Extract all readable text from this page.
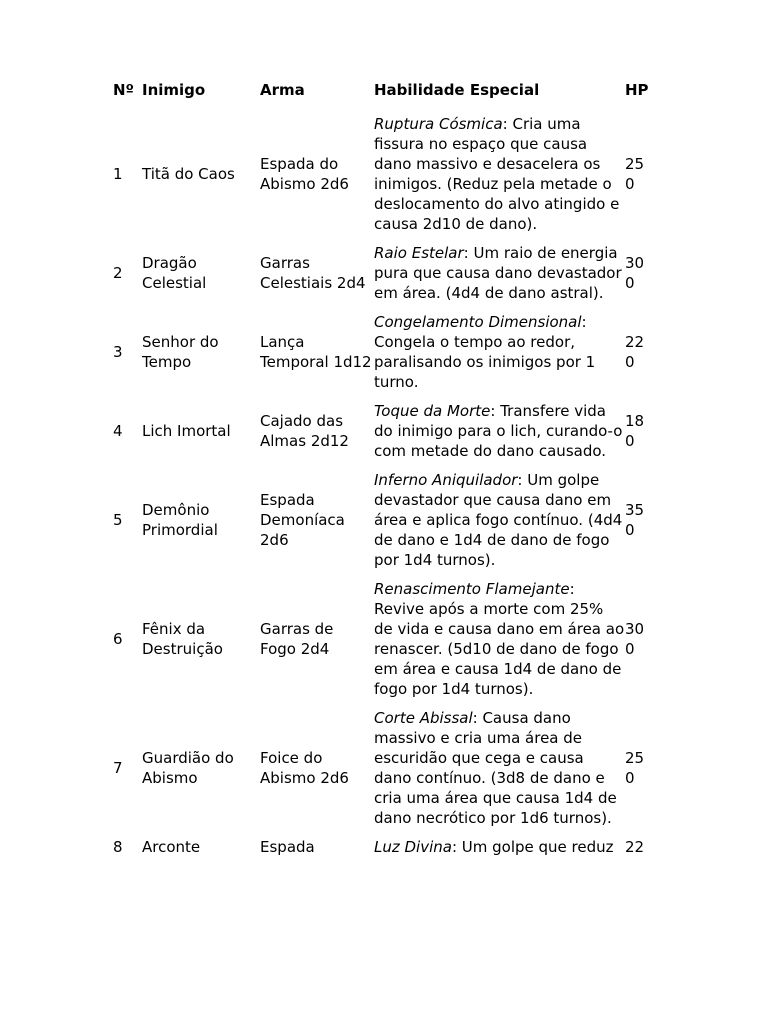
Nº	Inimigo	Arma	Habilidade Especial	HP
1	Titã do Caos	Espada do Abismo 2d6	Ruptura Cósmica: Cria uma fissura no espaço que causa dano massivo e desacelera os inimigos. (Reduz pela metade o deslocamento do alvo atingido e causa 2d10 de dano).	250
2	Dragão Celestial	Garras Celestiais 2d4	Raio Estelar: Um raio de energia pura que causa dano devastador em área. (4d4 de dano astral).	300
3	Senhor do Tempo	Lança Temporal 1d12	Congelamento Dimensional: Congela o tempo ao redor, paralisando os inimigos por 1 turno.	220
4	Lich Imortal	Cajado das Almas 2d12	Toque da Morte: Transfere vida do inimigo para o lich, curando-o com metade do dano causado.	180
5	Demônio Primordial	Espada Demoníaca 2d6	Inferno Aniquilador: Um golpe devastador que causa dano em área e aplica fogo contínuo. (4d4 de dano e 1d4 de dano de fogo por 1d4 turnos).	350
6	Fênix da Destruição	Garras de Fogo 2d4	Renascimento Flamejante: Revive após a morte com 25% de vida e causa dano em área ao renascer. (5d10 de dano de fogo em área e causa 1d4 de dano de fogo por 1d4 turnos).	300
7	Guardião do Abismo	Foice do Abismo 2d6	Corte Abissal: Causa dano massivo e cria uma área de escuridão que cega e causa dano contínuo. (3d8 de dano e cria uma área que causa 1d4 de dano necrótico por 1d6 turnos).	250
8	Arconte	Espada	Luz Divina: Um golpe que reduz	22
